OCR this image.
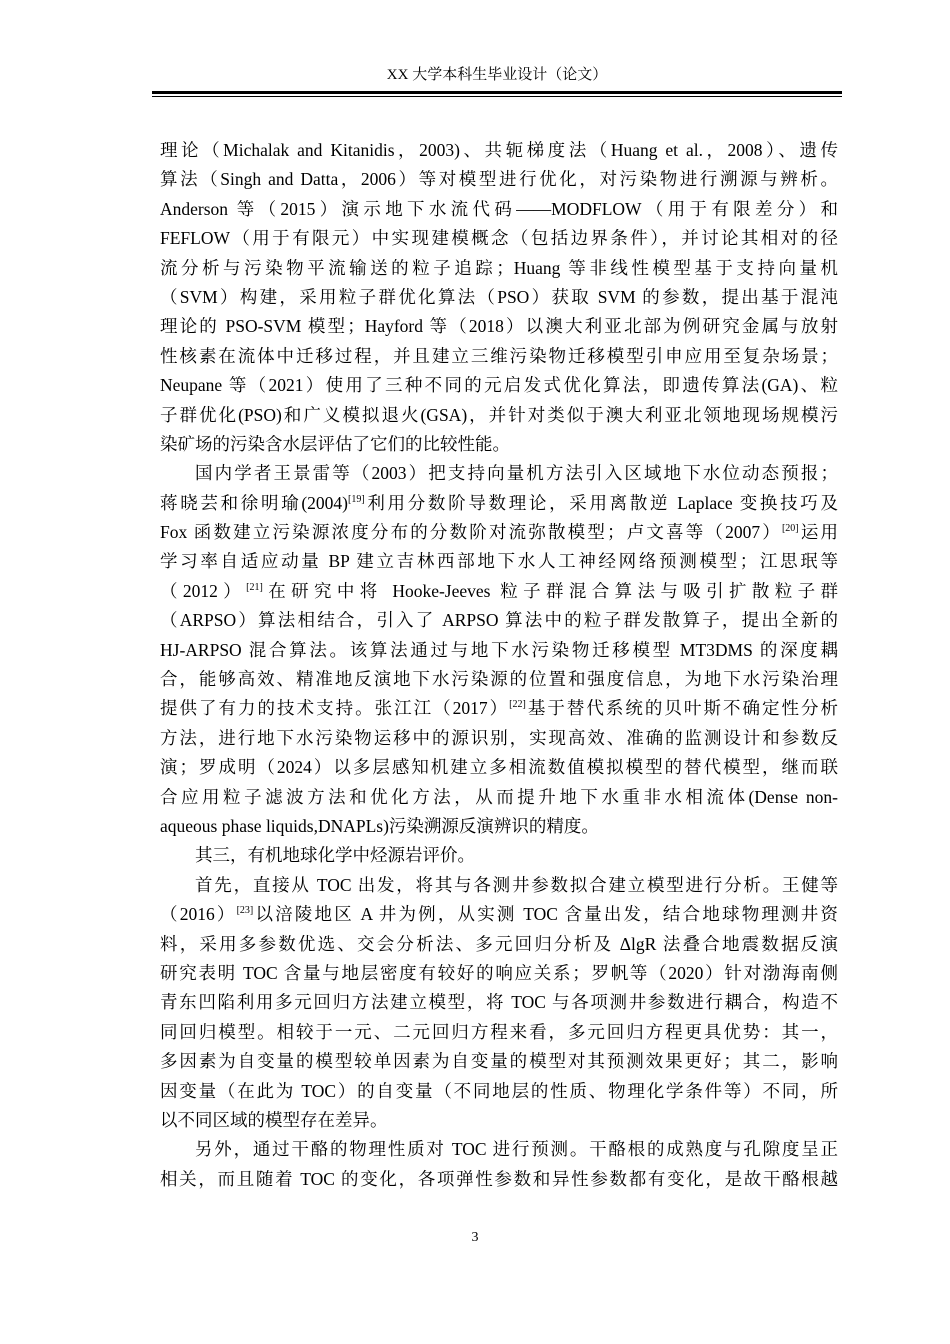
XX 大学本科生毕业设计（论文）
理论（Michalak and Kitanidis，2003)、共轭梯度法（Huang et al.，2008）、遗传
算法（Singh and Datta，2006）等对模型进行优化，对污染物进行溯源与辨析。
Anderson 等（2015）演示地下水流代码——MODFLOW（用于有限差分）和
FEFLOW（用于有限元）中实现建模概念（包括边界条件），并讨论其相对的径
流分析与污染物平流输送的粒子追踪；Huang 等非线性模型基于支持向量机
（SVM）构建，采用粒子群优化算法（PSO）获取 SVM 的参数，提出基于混沌
理论的 PSO-SVM 模型；Hayford 等（2018）以澳大利亚北部为例研究金属与放射
性核素在流体中迁移过程，并且建立三维污染物迁移模型引申应用至复杂场景；
Neupane 等（2021）使用了三种不同的元启发式优化算法，即遗传算法(GA)、粒
子群优化(PSO)和广义模拟退火(GSA)，并针对类似于澳大利亚北领地现场规模污
染矿场的污染含水层评估了它们的比较性能。
国内学者王景雷等（2003）把支持向量机方法引入区域地下水位动态预报；
蒋晓芸和徐明瑜(2004)[19]利用分数阶导数理论，采用离散逆 Laplace 变换技巧及
Fox 函数建立污染源浓度分布的分数阶对流弥散模型；卢文喜等（2007）[20]运用
学习率自适应动量 BP 建立吉林西部地下水人工神经网络预测模型；江思珉等
（2012）[21]在研究中将 Hooke-Jeeves 粒子群混合算法与吸引扩散粒子群
（ARPSO）算法相结合，引入了 ARPSO 算法中的粒子群发散算子，提出全新的
HJ-ARPSO 混合算法。该算法通过与地下水污染物迁移模型 MT3DMS 的深度耦
合，能够高效、精准地反演地下水污染源的位置和强度信息，为地下水污染治理
提供了有力的技术支持。张江江（2017）[22]基于替代系统的贝叶斯不确定性分析
方法，进行地下水污染物运移中的源识别，实现高效、准确的监测设计和参数反
演；罗成明（2024）以多层感知机建立多相流数值模拟模型的替代模型，继而联
合应用粒子滤波方法和优化方法，从而提升地下水重非水相流体(Dense non-
aqueous phase liquids,DNAPLs)污染溯源反演辨识的精度。
其三，有机地球化学中烃源岩评价。
首先，直接从 TOC 出发，将其与各测井参数拟合建立模型进行分析。王健等
（2016）[23]以涪陵地区 A 井为例，从实测 TOC 含量出发，结合地球物理测井资
料，采用多参数优选、交会分析法、多元回归分析及 ΔlgR 法叠合地震数据反演
研究表明 TOC 含量与地层密度有较好的响应关系；罗帆等（2020）针对渤海南侧
青东凹陷利用多元回归方法建立模型，将 TOC 与各项测井参数进行耦合，构造不
同回归模型。相较于一元、二元回归方程来看，多元回归方程更具优势：其一，
多因素为自变量的模型较单因素为自变量的模型对其预测效果更好；其二，影响
因变量（在此为 TOC）的自变量（不同地层的性质、物理化学条件等）不同，所
以不同区域的模型存在差异。
另外，通过干酪的物理性质对 TOC 进行预测。干酪根的成熟度与孔隙度呈正
相关，而且随着 TOC 的变化，各项弹性参数和异性参数都有变化，是故干酪根越
3
